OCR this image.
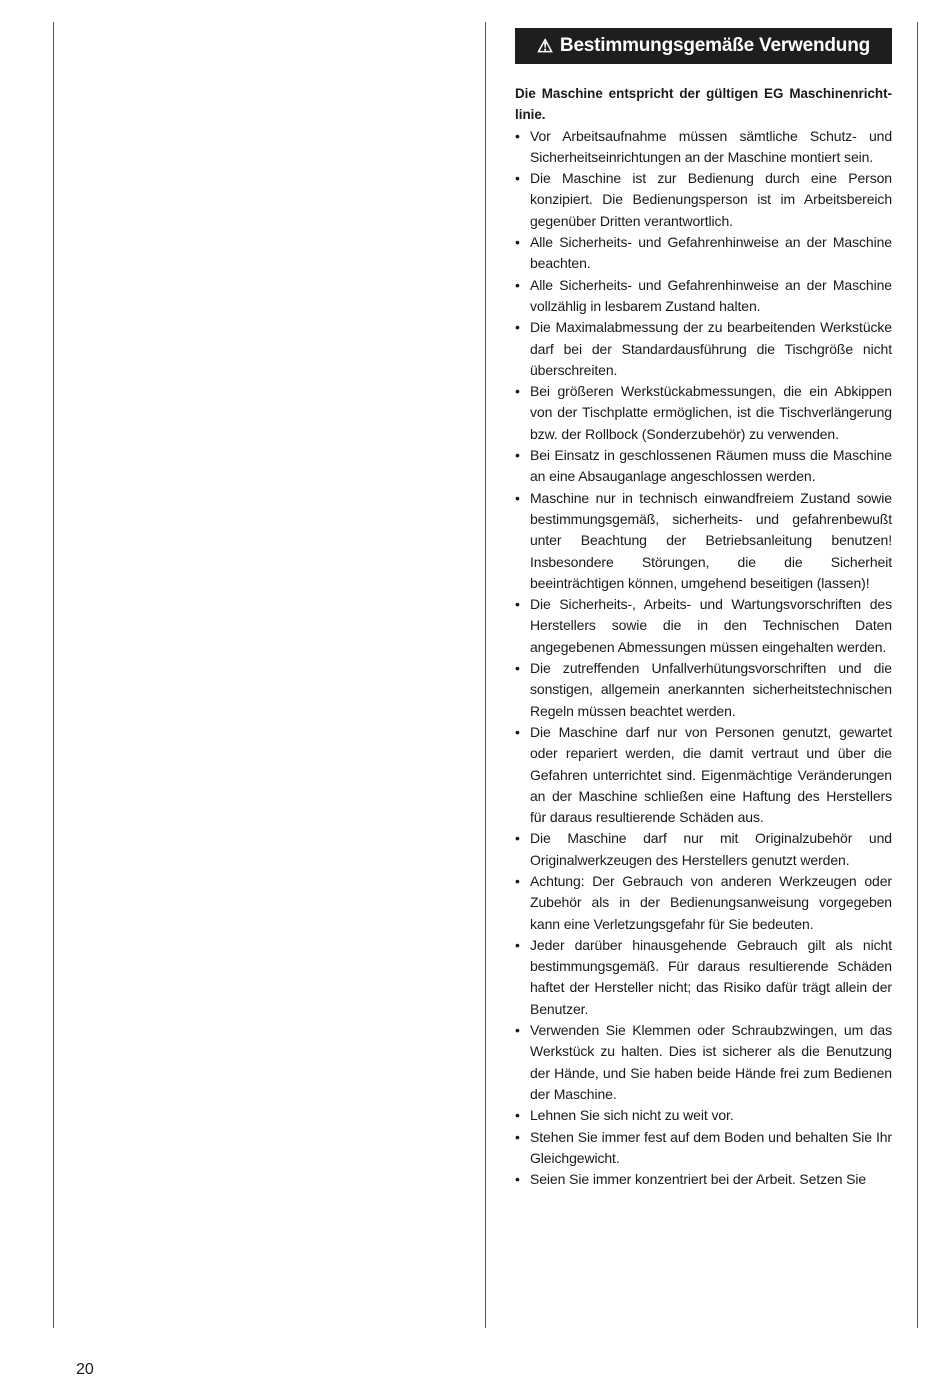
⚠ Bestimmungsgemäße Verwendung
Die Maschine entspricht der gültigen EG Maschinenricht-linie.
• Vor Arbeitsaufnahme müssen sämtliche Schutz- und Sicherheitseinrichtungen an der Maschine montiert sein.
• Die Maschine ist zur Bedienung durch eine Person konzipiert. Die Bedienungsperson ist im Arbeitsbereich gegenüber Dritten verantwortlich.
• Alle Sicherheits- und Gefahrenhinweise an der Maschine beachten.
• Alle Sicherheits- und Gefahrenhinweise an der Maschine vollzählig in lesbarem Zustand halten.
• Die Maximalabmessung der zu bearbeitenden Werkstücke darf bei der Standardausführung die Tischgröße nicht überschreiten.
• Bei größeren Werkstückabmessungen, die ein Abkippen von der Tischplatte ermöglichen, ist die Tischverlängerung bzw. der Rollbock (Sonderzubehör) zu verwenden.
• Bei Einsatz in geschlossenen Räumen muss die Maschine an eine Absauganlage angeschlossen werden.
• Maschine nur in technisch einwandfreiem Zustand sowie bestimmungsgemäß, sicherheits- und gefahrenbewußt unter Beachtung der Betriebsanleitung benutzen! Insbesondere Störungen, die die Sicherheit beeinträchtigen können, umgehend beseitigen (lassen)!
• Die Sicherheits-, Arbeits- und Wartungsvorschriften des Herstellers sowie die in den Technischen Daten angegebenen Abmessungen müssen eingehalten werden.
• Die zutreffenden Unfallverhütungsvorschriften und die sonstigen, allgemein anerkannten sicherheitstechnischen Regeln müssen beachtet werden.
• Die Maschine darf nur von Personen genutzt, gewartet oder repariert werden, die damit vertraut und über die Gefahren unterrichtet sind. Eigenmächtige Veränderungen an der Maschine schließen eine Haftung des Herstellers für daraus resultierende Schäden aus.
• Die Maschine darf nur mit Originalzubehör und Originalwerkzeugen des Herstellers genutzt werden.
• Achtung: Der Gebrauch von anderen Werkzeugen oder Zubehör als in der Bedienungsanweisung vorgegeben kann eine Verletzungsgefahr für Sie bedeuten.
• Jeder darüber hinausgehende Gebrauch gilt als nicht bestimmungsgemäß. Für daraus resultierende Schäden haftet der Hersteller nicht; das Risiko dafür trägt allein der Benutzer.
• Verwenden Sie Klemmen oder Schraubzwingen, um das Werkstück zu halten. Dies ist sicherer als die Benutzung der Hände, und Sie haben beide Hände frei zum Bedienen der Maschine.
• Lehnen Sie sich nicht zu weit vor.
• Stehen Sie immer fest auf dem Boden und behalten Sie Ihr Gleichgewicht.
• Seien Sie immer konzentriert bei der Arbeit. Setzen Sie
20
